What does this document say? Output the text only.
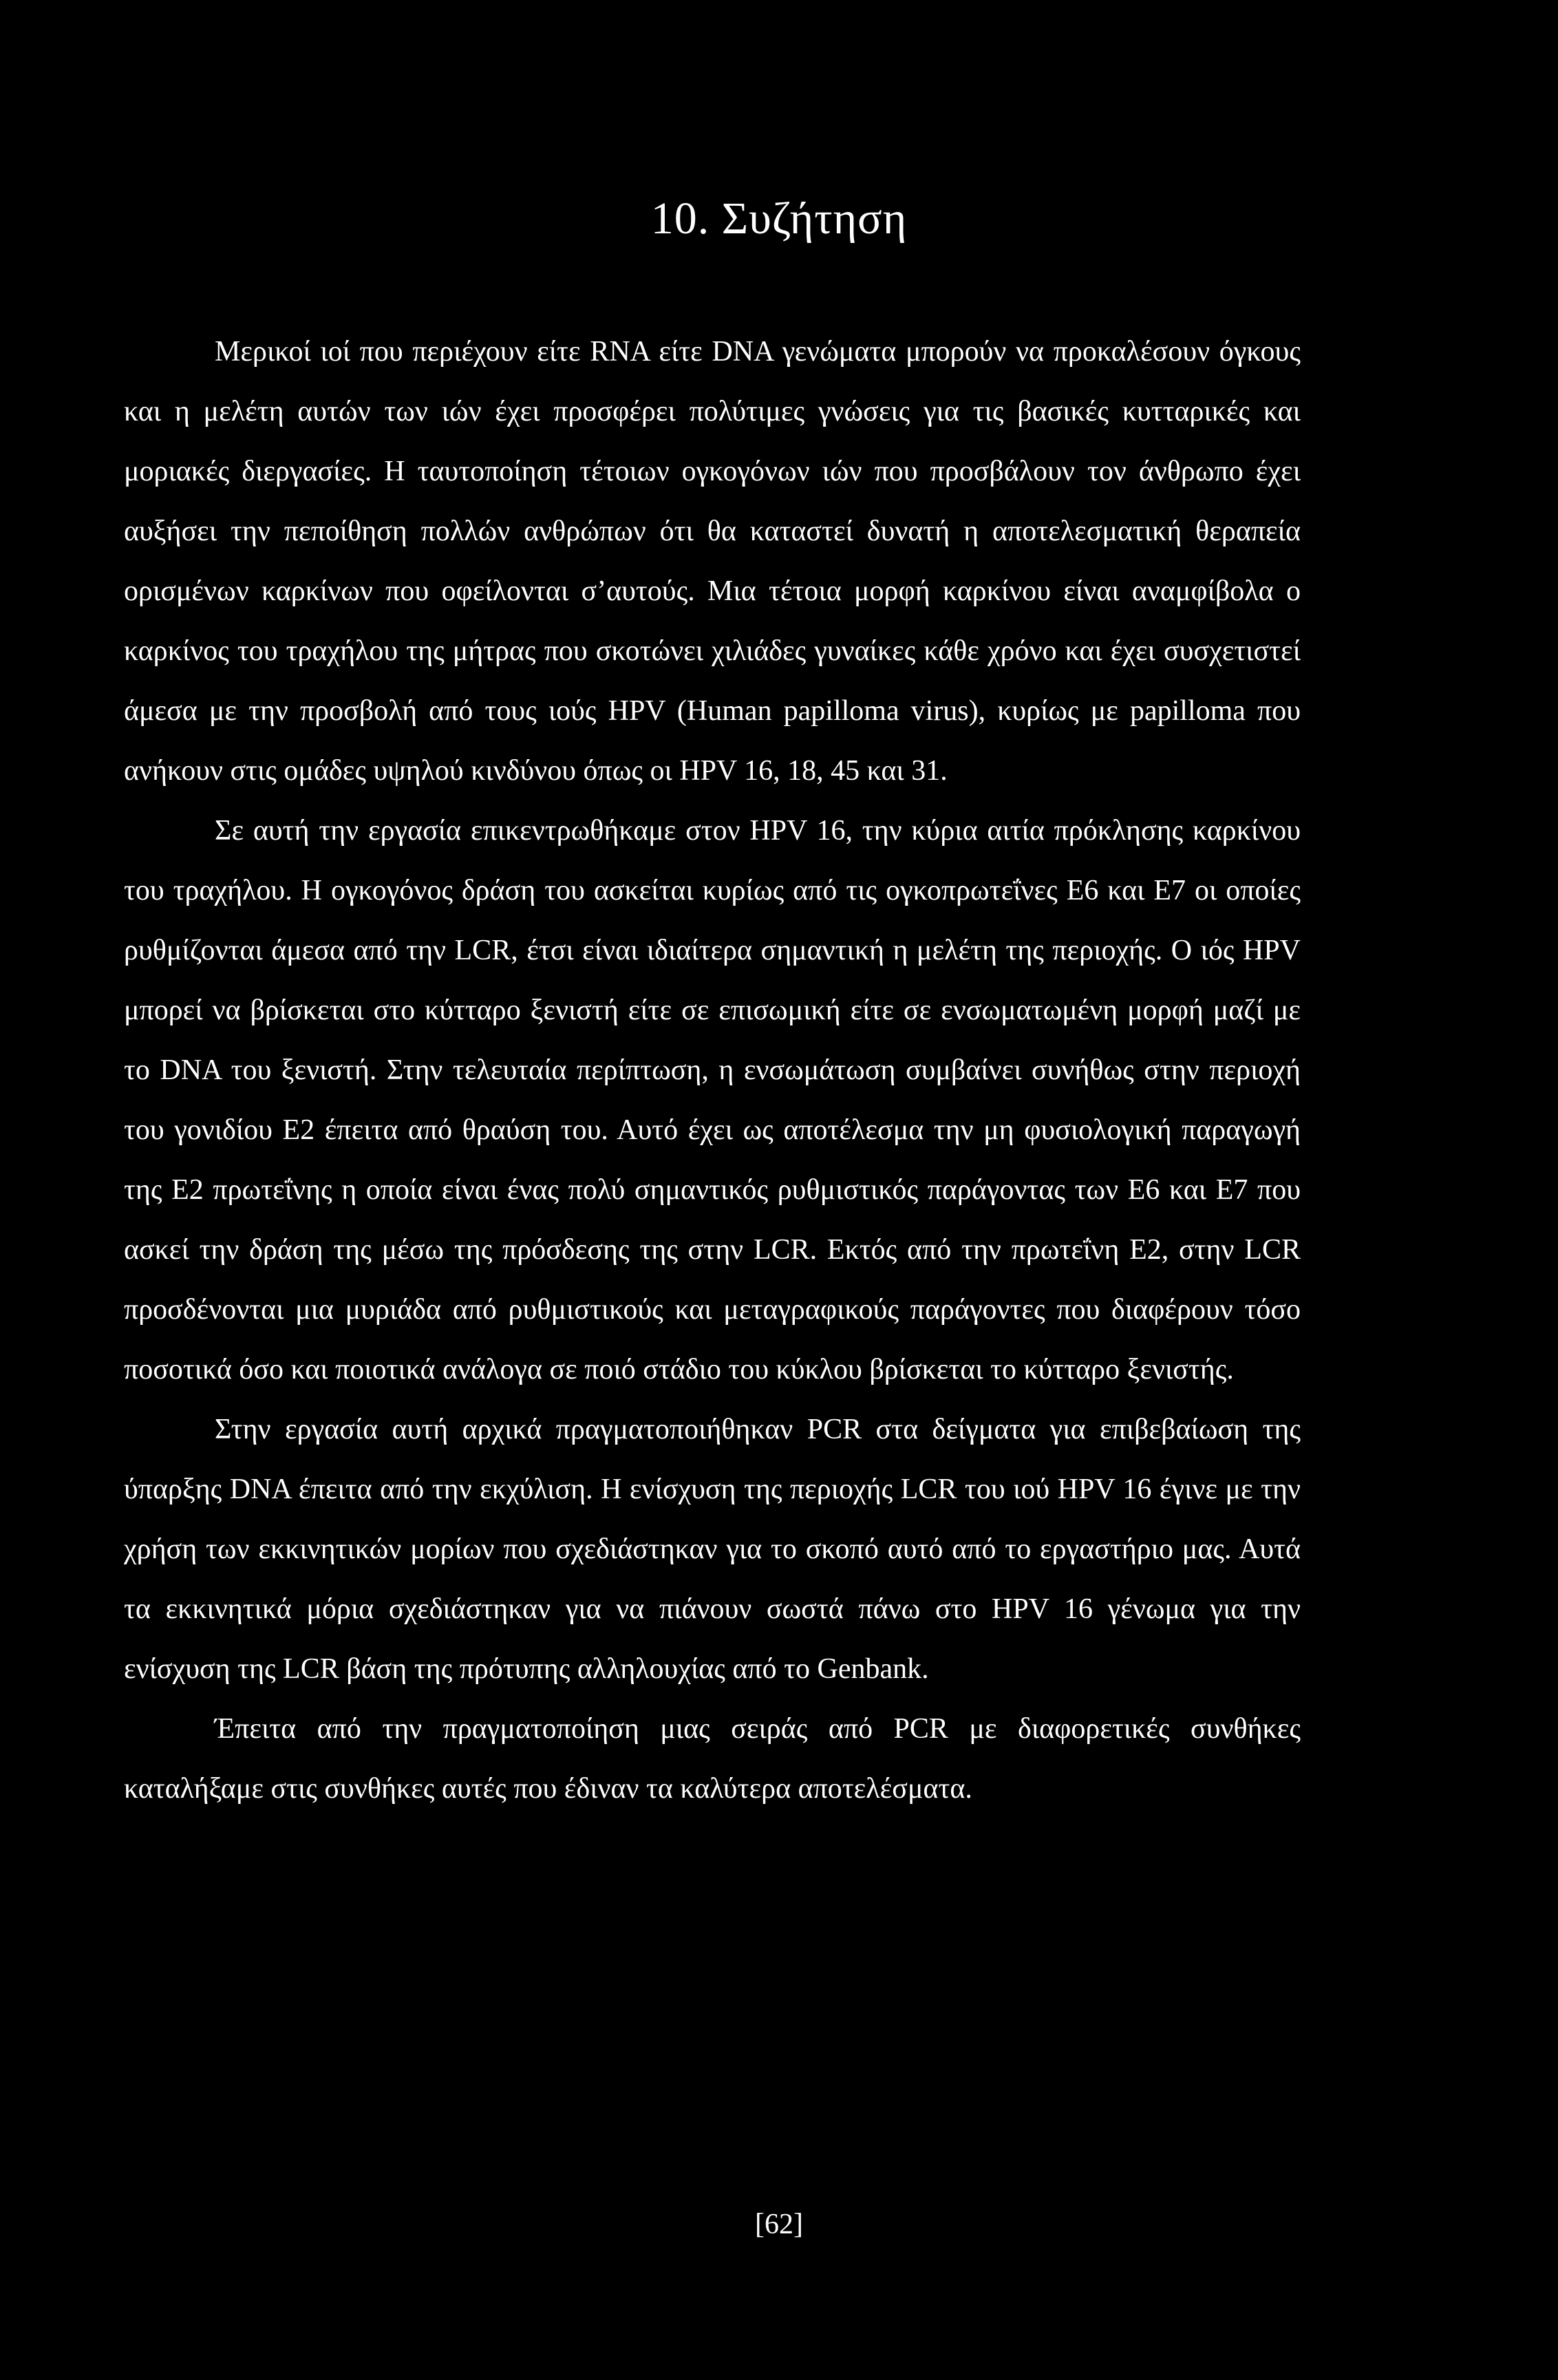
10. Συζήτηση

Μερικοί ιοί που περιέχουν είτε RNA είτε DNA γενώματα μπορούν να προκαλέσουν όγκους και η μελέτη αυτών των ιών έχει προσφέρει πολύτιμες γνώσεις για τις βασικές κυτταρικές και μοριακές διεργασίες. Η ταυτοποίηση τέτοιων ογκογόνων ιών που προσβάλουν τον άνθρωπο έχει αυξήσει την πεποίθηση πολλών ανθρώπων ότι θα καταστεί δυνατή η αποτελεσματική θεραπεία ορισμένων καρκίνων που οφείλονται σ’αυτούς. Μια τέτοια μορφή καρκίνου είναι αναμφίβολα ο καρκίνος του τραχήλου της μήτρας που σκοτώνει χιλιάδες γυναίκες κάθε χρόνο και έχει συσχετιστεί άμεσα με την προσβολή από τους ιούς HPV (Human papilloma virus), κυρίως με papilloma που ανήκουν στις ομάδες υψηλού κινδύνου όπως οι HPV 16, 18, 45 και 31.

Σε αυτή την εργασία επικεντρωθήκαμε στον HPV 16, την κύρια αιτία πρόκλησης καρκίνου του τραχήλου. Η ογκογόνος δράση του ασκείται κυρίως από τις ογκοπρωτεΐνες Ε6 και Ε7 οι οποίες ρυθμίζονται άμεσα από την LCR, έτσι είναι ιδιαίτερα σημαντική η μελέτη της περιοχής. Ο ιός HPV μπορεί να βρίσκεται στο κύτταρο ξενιστή είτε σε επισωμική είτε σε ενσωματωμένη μορφή μαζί με το DNA του ξενιστή. Στην τελευταία περίπτωση, η ενσωμάτωση συμβαίνει συνήθως στην περιοχή του γονιδίου Ε2 έπειτα από θραύση του. Αυτό έχει ως αποτέλεσμα την μη φυσιολογική παραγωγή της Ε2 πρωτεΐνης η οποία είναι ένας πολύ σημαντικός ρυθμιστικός παράγοντας των Ε6 και Ε7 που ασκεί την δράση της μέσω της πρόσδεσης της στην LCR. Εκτός από την πρωτεΐνη Ε2, στην LCR προσδένονται μια μυριάδα από ρυθμιστικούς και μεταγραφικούς παράγοντες που διαφέρουν τόσο ποσοτικά όσο και ποιοτικά ανάλογα σε ποιό στάδιο του κύκλου βρίσκεται το κύτταρο ξενιστής.

Στην εργασία αυτή αρχικά πραγματοποιήθηκαν PCR στα δείγματα για επιβεβαίωση της ύπαρξης DNA έπειτα από την εκχύλιση. Η ενίσχυση της περιοχής LCR του ιού HPV 16 έγινε με την χρήση των εκκινητικών μορίων που σχεδιάστηκαν για το σκοπό αυτό από το εργαστήριο μας. Αυτά τα εκκινητικά μόρια σχεδιάστηκαν για να πιάνουν σωστά πάνω στο HPV 16 γένωμα για την ενίσχυση της LCR βάση της πρότυπης αλληλουχίας από το Genbank.

Έπειτα από την πραγματοποίηση μιας σειράς από PCR με διαφορετικές συνθήκες καταλήξαμε στις συνθήκες αυτές που έδιναν τα καλύτερα αποτελέσματα.

[62]
